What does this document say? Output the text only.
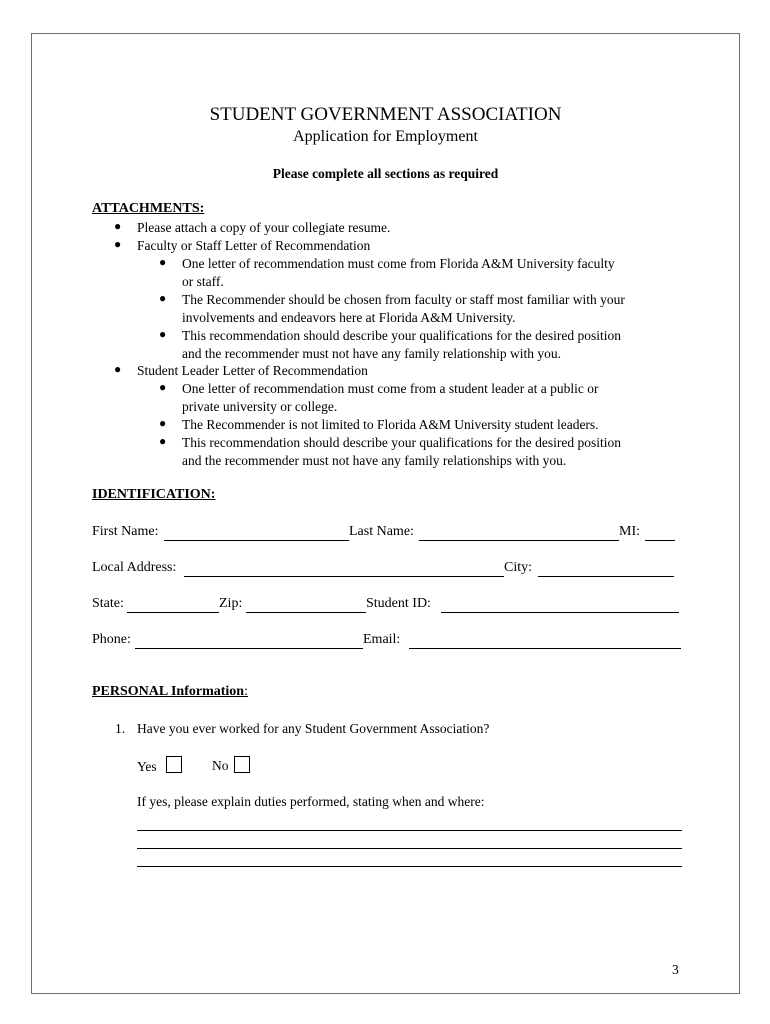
STUDENT GOVERNMENT ASSOCIATION
Application for Employment
Please complete all sections as required
ATTACHMENTS:
● Please attach a copy of your collegiate resume.
● Faculty or Staff Letter of Recommendation
● One letter of recommendation must come from Florida A&M University faculty
or staff.
● The Recommender should be chosen from faculty or staff most familiar with your
involvements and endeavors here at Florida A&M University.
● This recommendation should describe your qualifications for the desired position
and the recommender must not have any family relationship with you.
● Student Leader Letter of Recommendation
● One letter of recommendation must come from a student leader at a public or
private university or college.
● The Recommender is not limited to Florida A&M University student leaders.
● This recommendation should describe your qualifications for the desired position
and the recommender must not have any family relationships with you.
IDENTIFICATION:
First Name:	Last Name:	MI:
Local Address:	City:
State:	Zip:	Student ID:
Phone:	Email:
PERSONAL Information:
1. Have you ever worked for any Student Government Association?
Yes	No
If yes, please explain duties performed, stating when and where:
3
